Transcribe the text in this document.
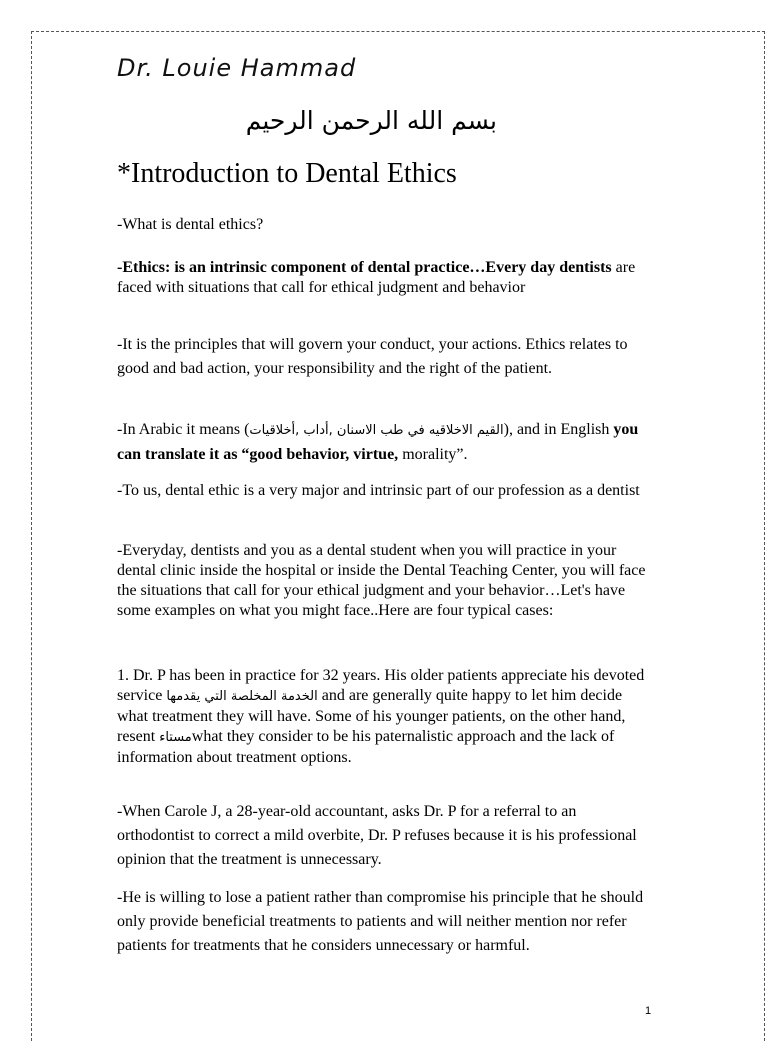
Dr. Louie Hammad
بسم الله الرحمن الرحيم
*Introduction to Dental Ethics

-What is dental ethics?

-Ethics: is an intrinsic component of dental practice…Every day dentists are faced with situations that call for ethical judgment and behavior

-It is the principles that will govern your conduct, your actions. Ethics relates to good and bad action, your responsibility and the right of the patient.

-In Arabic it means (القيم الاخلاقيه في طب الاسنان ,أداب ,أخلاقيات), and in English you can translate it as “good behavior, virtue, morality”.

-To us, dental ethic is a very major and intrinsic part of our profession as a dentist

-Everyday, dentists and you as a dental student when you will practice in your dental clinic inside the hospital or inside the Dental Teaching Center, you will face the situations that call for your ethical judgment and your behavior…Let's have some examples on what you might face..Here are four typical cases:

1. Dr. P has been in practice for 32 years. His older patients appreciate his devoted service الخدمة المخلصة التي يقدمها and are generally quite happy to let him decide what treatment they will have. Some of his younger patients, on the other hand, resent مستاءwhat they consider to be his paternalistic approach and the lack of information about treatment options.

-When Carole J, a 28-year-old accountant, asks Dr. P for a referral to an orthodontist to correct a mild overbite, Dr. P refuses because it is his professional opinion that the treatment is unnecessary.

-He is willing to lose a patient rather than compromise his principle that he should only provide beneficial treatments to patients and will neither mention nor refer patients for treatments that he considers unnecessary or harmful.

1
